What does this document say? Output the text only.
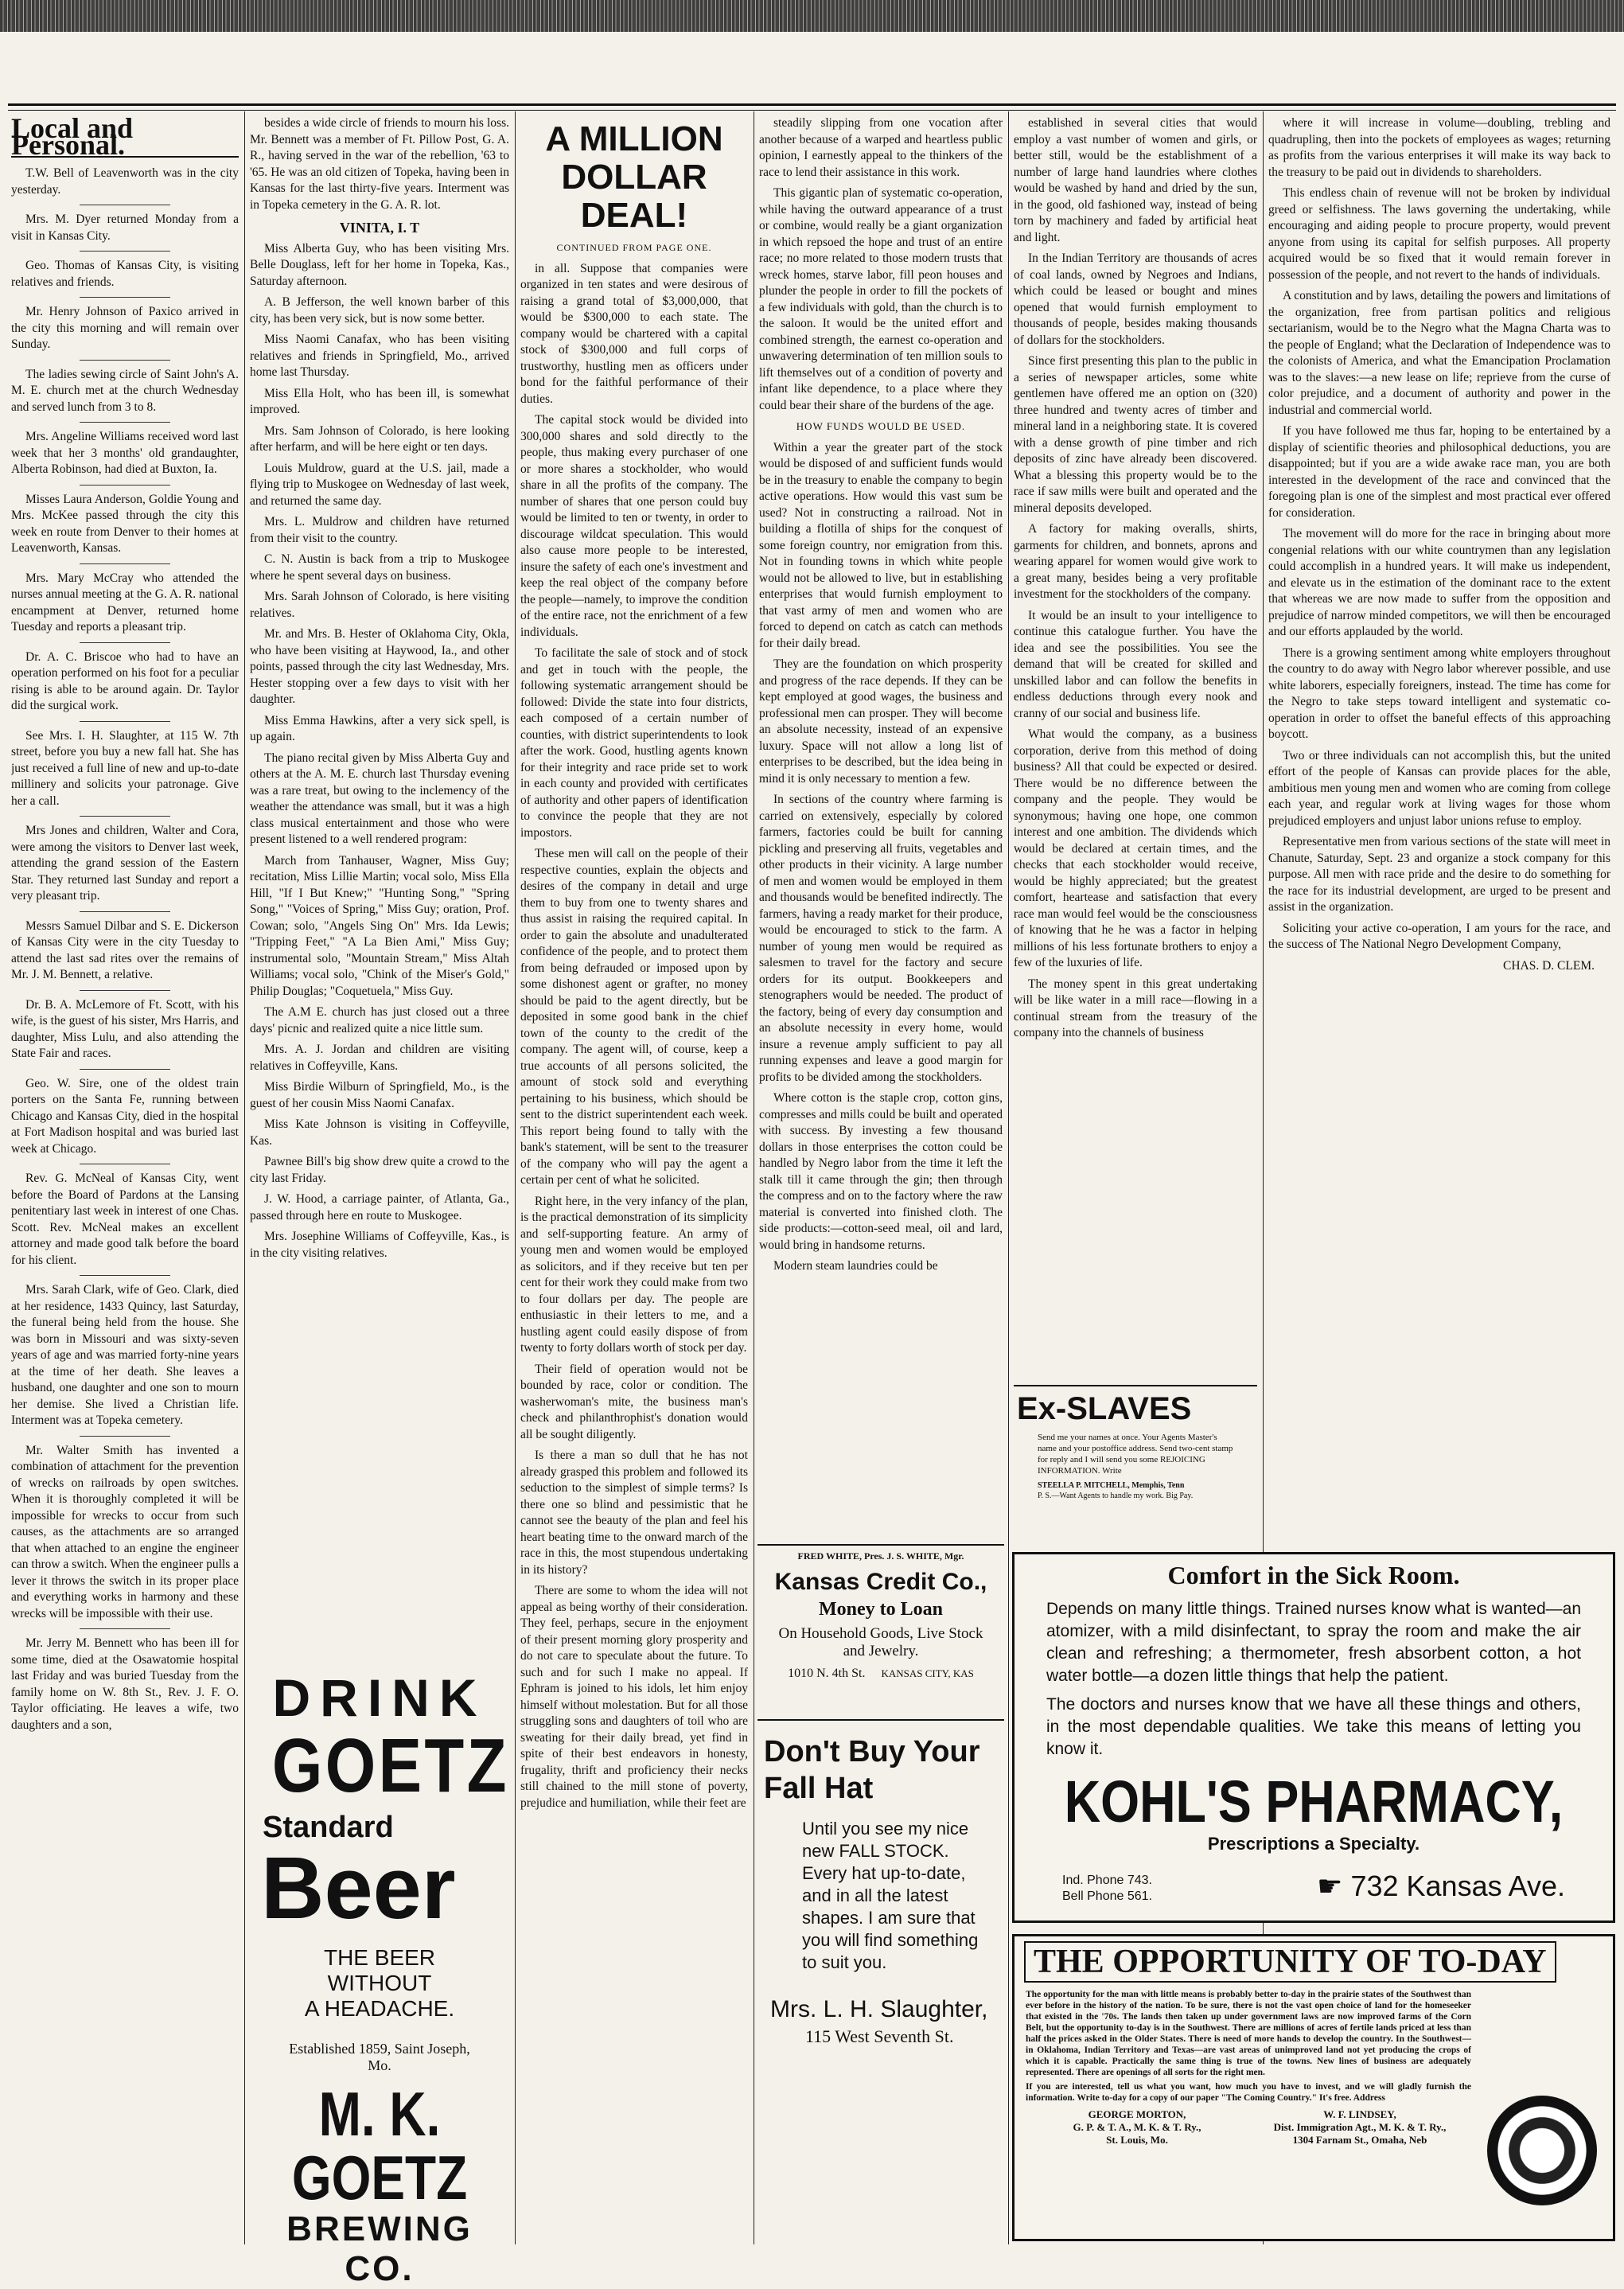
Local and Personal.

T.W. Bell of Leavenworth was in the city yesterday.

Mrs. M. Dyer returned Monday from a visit in Kansas City.

Geo. Thomas of Kansas City, is visiting relatives and friends.

Mr. Henry Johnson of Paxico arrived in the city this morning and will remain over Sunday.

The ladies sewing circle of Saint John's A. M. E. church met at the church Wednesday and served lunch from 3 to 8.

Mrs. Angeline Williams received word last week that her 3 months' old grandaughter, Alberta Robinson, had died at Buxton, Ia.

Misses Laura Anderson, Goldie Young and Mrs. McKee passed through the city this week en route from Denver to their homes at Leavenworth, Kansas.

Mrs. Mary McCray who attended the nurses annual meeting at the G. A. R. national encampment at Denver, returned home Tuesday and reports a pleasant trip.

Dr. A. C. Briscoe who had to have an operation performed on his foot for a peculiar rising is able to be around again. Dr. Taylor did the surgical work.

See Mrs. I. H. Slaughter, at 115 W. 7th street, before you buy a new fall hat. She has just received a full line of new and up-to-date millinery and solicits your patronage. Give her a call.

Mrs Jones and children, Walter and Cora, were among the visitors to Denver last week, attending the grand session of the Eastern Star. They returned last Sunday and report a very pleasant trip.

Messrs Samuel Dilbar and S. E. Dickerson of Kansas City were in the city Tuesday to attend the last sad rites over the remains of Mr. J. M. Bennett, a relative.

Dr. B. A. McLemore of Ft. Scott, with his wife, is the guest of his sister, Mrs Harris, and daughter, Miss Lulu, and also attending the State Fair and races.

Geo. W. Sire, one of the oldest train porters on the Santa Fe, running between Chicago and Kansas City, died in the hospital at Fort Madison hospital and was buried last week at Chicago.

Rev. G. McNeal of Kansas City, went before the Board of Pardons at the Lansing penitentiary last week in interest of one Chas. Scott. Rev. McNeal makes an excellent attorney and made good talk before the board for his client.

Mrs. Sarah Clark, wife of Geo. Clark, died at her residence, 1433 Quincy, last Saturday, the funeral being held from the house. She was born in Missouri and was sixty-seven years of age and was married forty-nine years at the time of her death. She leaves a husband, one daughter and one son to mourn her demise. She lived a Christian life. Interment was at Topeka cemetery.

Mr. Walter Smith has invented a combination of attachment for the prevention of wrecks on railroads by open switches. When it is thoroughly completed it will be impossible for wrecks to occur from such causes, as the attachments are so arranged that when attached to an engine the engineer can throw a switch. When the engineer pulls a lever it throws the switch in its proper place and everything works in harmony and these wrecks will be impossible with their use.

Mr. Jerry M. Bennett who has been ill for some time, died at the Osawatomie hospital last Friday and was buried Tuesday from the family home on W. 8th St., Rev. J. F. O. Taylor officiating. He leaves a wife, two daughters and a son,

besides a wide circle of friends to mourn his loss. Mr. Bennett was a member of Ft. Pillow Post, G. A. R., having served in the war of the rebellion, '63 to '65. He was an old citizen of Topeka, having been in Kansas for the last thirty-five years. Interment was in Topeka cemetery in the G. A. R. lot.

VINITA, I. T

Miss Alberta Guy, who has been visiting Mrs. Belle Douglass, left for her home in Topeka, Kas., Saturday afternoon.

A. B Jefferson, the well known barber of this city, has been very sick, but is now some better.

Miss Naomi Canafax, who has been visiting relatives and friends in Springfield, Mo., arrived home last Thursday.

Miss Ella Holt, who has been ill, is somewhat improved.

Mrs. Sam Johnson of Colorado, is here looking after herfarm, and will be here eight or ten days.

Louis Muldrow, guard at the U.S. jail, made a flying trip to Muskogee on Wednesday of last week, and returned the same day.

Mrs. L. Muldrow and children have returned from their visit to the country.

C. N. Austin is back from a trip to Muskogee where he spent several days on business.

Mrs. Sarah Johnson of Colorado, is here visiting relatives.

Mr. and Mrs. B. Hester of Oklahoma City, Okla, who have been visiting at Haywood, Ia., and other points, passed through the city last Wednesday, Mrs. Hester stopping over a few days to visit with her daughter.

Miss Emma Hawkins, after a very sick spell, is up again.

The piano recital given by Miss Alberta Guy and others at the A. M. E. church last Thursday evening was a rare treat, but owing to the inclemency of the weather the attendance was small, but it was a high class musical entertainment and those who were present listened to a well rendered program:

March from Tanhauser, Wagner, Miss Guy; recitation, Miss Lillie Martin; vocal solo, Miss Ella Hill, "If I But Knew;" "Hunting Song," "Spring Song," "Voices of Spring," Miss Guy; oration, Prof. Cowan; solo, "Angels Sing On" Mrs. Ida Lewis; "Tripping Feet," "A La Bien Ami," Miss Guy; instrumental solo, "Mountain Stream," Miss Altah Williams; vocal solo, "Chink of the Miser's Gold," Philip Douglas; "Coquetuela," Miss Guy.

The A.M E. church has just closed out a three days' picnic and realized quite a nice little sum.

Mrs. A. J. Jordan and children are visiting relatives in Coffeyville, Kans.

Miss Birdie Wilburn of Springfield, Mo., is the guest of her cousin Miss Naomi Canafax.

Miss Kate Johnson is visiting in Coffeyville, Kas.

Pawnee Bill's big show drew quite a crowd to the city last Friday.

J. W. Hood, a carriage painter, of Atlanta, Ga., passed through here en route to Muskogee.

Mrs. Josephine Williams of Coffeyville, Kas., is in the city visiting relatives.

DRINK
GOETZ
Standard
Beer
THE BEER
WITHOUT
A HEADACHE.
Established 1859, Saint Joseph, Mo.
M. K. GOETZ
BREWING CO.
A MILLION DOLLAR DEAL!
CONTINUED FROM PAGE ONE.

in all. Suppose that companies were organized in ten states and were desirous of raising a grand total of $3,000,000, that would be $300,000 to each state. The company would be chartered with a capital stock of $300,000 and full corps of trustworthy, hustling men as officers under bond for the faithful performance of their duties.

The capital stock would be divided into 300,000 shares and sold directly to the people, thus making every purchaser of one or more shares a stockholder, who would share in all the profits of the company. The number of shares that one person could buy would be limited to ten or twenty, in order to discourage wildcat speculation. This would also cause more people to be interested, insure the safety of each one's investment and keep the real object of the company before the people—namely, to improve the condition of the entire race, not the enrichment of a few individuals.

To facilitate the sale of stock and of stock and get in touch with the people, the following systematic arrangement should be followed: Divide the state into four districts, each composed of a certain number of counties, with district superintendents to look after the work. Good, hustling agents known for their integrity and race pride set to work in each county and provided with certificates of authority and other papers of identification to convince the people that they are not impostors.

These men will call on the people of their respective counties, explain the objects and desires of the company in detail and urge them to buy from one to twenty shares and thus assist in raising the required capital. In order to gain the absolute and unadulterated confidence of the people, and to protect them from being defrauded or imposed upon by some dishonest agent or grafter, no money should be paid to the agent directly, but be deposited in some good bank in the chief town of the county to the credit of the company. The agent will, of course, keep a true accounts of all persons solicited, the amount of stock sold and everything pertaining to his business, which should be sent to the district superintendent each week. This report being found to tally with the bank's statement, will be sent to the treasurer of the company who will pay the agent a certain per cent of what he solicited.

Right here, in the very infancy of the plan, is the practical demonstration of its simplicity and self-supporting feature. An army of young men and women would be employed as solicitors, and if they receive but ten per cent for their work they could make from two to four dollars per day. The people are enthusiastic in their letters to me, and a hustling agent could easily dispose of from twenty to forty dollars worth of stock per day.

Their field of operation would not be bounded by race, color or condition. The washerwoman's mite, the business man's check and philanthrophist's donation would all be sought diligently.

Is there a man so dull that he has not already grasped this problem and followed its seduction to the simplest of simple terms? Is there one so blind and pessimistic that he cannot see the beauty of the plan and feel his heart beating time to the onward march of the race in this, the most stupendous undertaking in its history?

There are some to whom the idea will not appeal as being worthy of their consideration. They feel, perhaps, secure in the enjoyment of their present morning glory prosperity and do not care to speculate about the future. To such and for such I make no appeal. If Ephram is joined to his idols, let him enjoy himself without molestation. But for all those struggling sons and daughters of toil who are sweating for their daily bread, yet find in spite of their best endeavors in honesty, frugality, thrift and proficiency their necks still chained to the mill stone of poverty, prejudice and humiliation, while their feet are

steadily slipping from one vocation after another because of a warped and heartless public opinion, I earnestly appeal to the thinkers of the race to lend their assistance in this work.

This gigantic plan of systematic co-operation, while having the outward appearance of a trust or combine, would really be a giant organization in which repsoed the hope and trust of an entire race; no more related to those modern trusts that wreck homes, starve labor, fill peon houses and plunder the people in order to fill the pockets of a few individuals with gold, than the church is to the saloon. It would be the united effort and combined strength, the earnest co-operation and unwavering determination of ten million souls to lift themselves out of a condition of poverty and infant like dependence, to a place where they could bear their share of the burdens of the age.

HOW FUNDS WOULD BE USED.

Within a year the greater part of the stock would be disposed of and sufficient funds would be in the treasury to enable the company to begin active operations. How would this vast sum be used? Not in constructing a railroad. Not in building a flotilla of ships for the conquest of some foreign country, nor emigration from this. Not in founding towns in which white people would not be allowed to live, but in establishing enterprises that would furnish employment to that vast army of men and women who are forced to depend on catch as catch can methods for their daily bread.

They are the foundation on which prosperity and progress of the race depends. If they can be kept employed at good wages, the business and professional men can prosper. They will become an absolute necessity, instead of an expensive luxury. Space will not allow a long list of enterprises to be described, but the idea being in mind it is only necessary to mention a few.

In sections of the country where farming is carried on extensively, especially by colored farmers, factories could be built for canning pickling and preserving all fruits, vegetables and other products in their vicinity. A large number of men and women would be employed in them and thousands would be benefited indirectly. The farmers, having a ready market for their produce, would be encouraged to stick to the farm. A number of young men would be required as salesmen to travel for the factory and secure orders for its output. Bookkeepers and stenographers would be needed. The product of the factory, being of every day consumption and an absolute necessity in every home, would insure a revenue amply sufficient to pay all running expenses and leave a good margin for profits to be divided among the stockholders.

Where cotton is the staple crop, cotton gins, compresses and mills could be built and operated with success. By investing a few thousand dollars in those enterprises the cotton could be handled by Negro labor from the time it left the stalk till it came through the gin; then through the compress and on to the factory where the raw material is converted into finished cloth. The side products:—cotton-seed meal, oil and lard, would bring in handsome returns.

Modern steam laundries could be

FRED WHITE, Pres. J. S. WHITE, Mgr.
Kansas Credit Co.,
Money to Loan
On Household Goods, Live Stock and Jewelry.
1010 N. 4th St. KANSAS CITY, KAS
Don't Buy Your Fall Hat
Until you see my nice new FALL STOCK. Every hat up-to-date, and in all the latest shapes. I am sure that you will find something to suit you.
Mrs. L. H. Slaughter,
115 West Seventh St.

established in several cities that would employ a vast number of women and girls, or better still, would be the establishment of a number of large hand laundries where clothes would be washed by hand and dried by the sun, in the good, old fashioned way, instead of being torn by machinery and faded by artificial heat and light.

In the Indian Territory are thousands of acres of coal lands, owned by Negroes and Indians, which could be leased or bought and mines opened that would furnish employment to thousands of people, besides making thousands of dollars for the stockholders.

Since first presenting this plan to the public in a series of newspaper articles, some white gentlemen have offered me an option on (320) three hundred and twenty acres of timber and mineral land in a neighboring state. It is covered with a dense growth of pine timber and rich deposits of zinc have already been discovered. What a blessing this property would be to the race if saw mills were built and operated and the mineral deposits developed.

A factory for making overalls, shirts, garments for children, and bonnets, aprons and wearing apparel for women would give work to a great many, besides being a very profitable investment for the stockholders of the company.

It would be an insult to your intelligence to continue this catalogue further. You have the idea and see the possibilities. You see the demand that will be created for skilled and unskilled labor and can follow the benefits in endless deductions through every nook and cranny of our social and business life.

What would the company, as a business corporation, derive from this method of doing business? All that could be expected or desired. There would be no difference between the company and the people. They would be synonymous; having one hope, one common interest and one ambition. The dividends which would be declared at certain times, and the checks that each stockholder would receive, would be highly appreciated; but the greatest comfort, heartease and satisfaction that every race man would feel would be the consciousness of knowing that he he was a factor in helping millions of his less fortunate brothers to enjoy a few of the luxuries of life.

The money spent in this great undertaking will be like water in a mill race—flowing in a continual stream from the treasury of the company into the channels of business

Ex-SLAVES
Send me your names at once. Your Agents Master's name and your postoffice address. Send two-cent stamp for reply and I will send you some REJOICING INFORMATION. Write
STEELLA P. MITCHELL, Memphis, Tenn
P. S.—Want Agents to handle my work. Big Pay.

where it will increase in volume—doubling, trebling and quadrupling, then into the pockets of employees as wages; returning as profits from the various enterprises it will make its way back to the treasury to be paid out in dividends to shareholders.

This endless chain of revenue will not be broken by individual greed or selfishness. The laws governing the undertaking, while encouraging and aiding people to procure property, would prevent anyone from using its capital for selfish purposes. All property acquired would be so fixed that it would remain forever in possession of the people, and not revert to the hands of individuals.

A constitution and by laws, detailing the powers and limitations of the organization, free from partisan politics and religious sectarianism, would be to the Negro what the Magna Charta was to the people of England; what the Declaration of Independence was to the colonists of America, and what the Emancipation Proclamation was to the slaves:—a new lease on life; reprieve from the curse of color prejudice, and a document of authority and power in the industrial and commercial world.

If you have followed me thus far, hoping to be entertained by a display of scientific theories and philosophical deductions, you are disappointed; but if you are a wide awake race man, you are both interested in the development of the race and convinced that the foregoing plan is one of the simplest and most practical ever offered for consideration.

The movement will do more for the race in bringing about more congenial relations with our white countrymen than any legislation could accomplish in a hundred years. It will make us independent, and elevate us in the estimation of the dominant race to the extent that whereas we are now made to suffer from the opposition and prejudice of narrow minded competitors, we will then be encouraged and our efforts applauded by the world.

There is a growing sentiment among white employers throughout the country to do away with Negro labor wherever possible, and use white laborers, especially foreigners, instead. The time has come for the Negro to take steps toward intelligent and systematic co-operation in order to offset the baneful effects of this approaching boycott.

Two or three individuals can not accomplish this, but the united effort of the people of Kansas can provide places for the able, ambitious men young men and women who are coming from college each year, and regular work at living wages for those whom prejudiced employers and unjust labor unions refuse to employ.

Representative men from various sections of the state will meet in Chanute, Saturday, Sept. 23 and organize a stock company for this purpose. All men with race pride and the desire to do something for the race for its industrial development, are urged to be present and assist in the organization.

Soliciting your active co-operation, I am yours for the race, and the success of The National Negro Development Company,

CHAS. D. CLEM.
Comfort in the Sick Room.
Depends on many little things. Trained nurses know what is wanted—an atomizer, with a mild disinfectant, to spray the room and make the air clean and refreshing; a thermometer, fresh absorbent cotton, a hot water bottle—a dozen little things that help the patient.
The doctors and nurses know that we have all these things and others, in the most dependable qualities. We take this means of letting you know it.
KOHL'S PHARMACY,
Prescriptions a Specialty.
Ind. Phone 743.
Bell Phone 561.	☛ 732 Kansas Ave.
THE OPPORTUNITY OF TO-DAY
The opportunity for the man with little means is probably better to-day in the prairie states of the Southwest than ever before in the history of the nation. To be sure, there is not the vast open choice of land for the homeseeker that existed in the '70s. The lands then taken up under government laws are now improved farms of the Corn Belt, but the opportunity to-day is in the Southwest. There are millions of acres of fertile lands priced at less than half the prices asked in the Older States. There is need of more hands to develop the country. In the Southwest—in Oklahoma, Indian Territory and Texas—are vast areas of unimproved land not yet producing the crops of which it is capable. Practically the same thing is true of the towns. New lines of business are adequately represented. There are openings of all sorts for the right men.
If you are interested, tell us what you want, how much you have to invest, and we will gladly furnish the information. Write to-day for a copy of our paper "The Coming Country." It's free. Address
GEORGE MORTON,
G. P. & T. A., M. K. & T. Ry.,
St. Louis, Mo.
W. F. LINDSEY,
Dist. Immigration Agt., M. K. & T. Ry.,
1304 Farnam St., Omaha, Neb
